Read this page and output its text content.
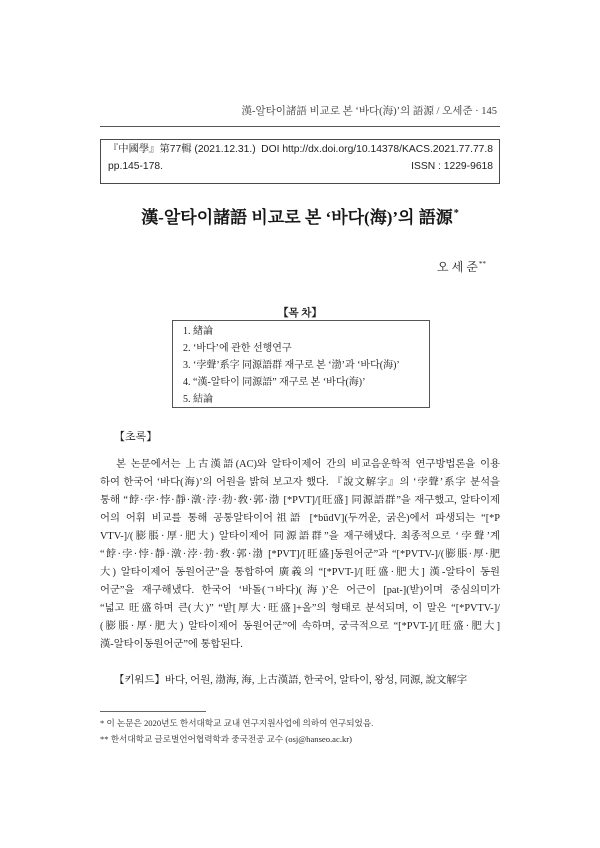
漢-알타이諸語 비교로 본 ‘바다(海)’의 語源 / 오세준 · 145
『中國學』第77輯 (2021.12.31.)
pp.145-178.
DOI http://dx.doi.org/10.14378/KACS.2021.77.77.8
ISSN : 1229-9618
漢-알타이諸語 비교로 본 ‘바다(海)’의 語源*
오 세 준**
【목 차】
1. 緖論
2. ‘바다’에 관한 선행연구
3. ‘孛聲’系字 同源語群 재구로 본 ‘渤’과 ‘바다(海)’
4. “漢-알타이 同源語” 재구로 본 ‘바다(海)’
5. 結論
【초록】
본 논문에서는 上古漢語(AC)와 알타이제어 간의 비교음운학적 연구방법론을 이용
하여 한국어 ‘바다(海)’의 어원을 밝혀 보고자 했다. 『說文解字』의 ‘孛聲’系字 분석을
통해 “餑·孛·悖·靜·潡·浡·勃·敎·郭·渤 [*PVT]/[旺盛] 同源語群”을 재구했고, 알타이제
어의 어휘 비교를 통해 공통알타이어祖語 [*büdV](두꺼운, 굵은)에서 파생되는 “[*P
VTV-]/(膨脹·厚·肥大) 알타이제어 同源語群”을 재구해냈다. 최종적으로 ‘孛聲’계
“餑·孛·悖·靜·潡·浡·勃·敎·郭·渤 [*PVT]/[旺盛]동원어군”과 “[*PVTV-]/(膨脹·厚·肥
大) 알타이제어 동원어군”을 통합하여 廣義의 “[*PVT-]/[旺盛·肥大] 漢-알타이 동원
어군”을 재구해냈다. 한국어 ‘바돌(ㄱ바다)(海)’은 어근이 [pat-](받)이며 중심의미가
“넓고 旺盛하며 큰(大)” “받[厚大·旺盛]+올”의 형태로 분석되며, 이 말은 “[*PVTV-]/
(膨脹·厚·肥大) 알타이제어 동원어군”에 속하며, 궁극적으로 “[*PVT-]/[旺盛·肥大]
漢-알타이동원어군”에 통합된다.
【키워드】바다, 어원, 渤海, 海, 上古漢語, 한국어, 알타이, 왕성, 同源, 說文解字
* 이 논문은 2020년도 한서대학교 교내 연구지원사업에 의하여 연구되었음.
** 한서대학교 글로벌언어협력학과 중국전공 교수 (osj@hanseo.ac.kr)
